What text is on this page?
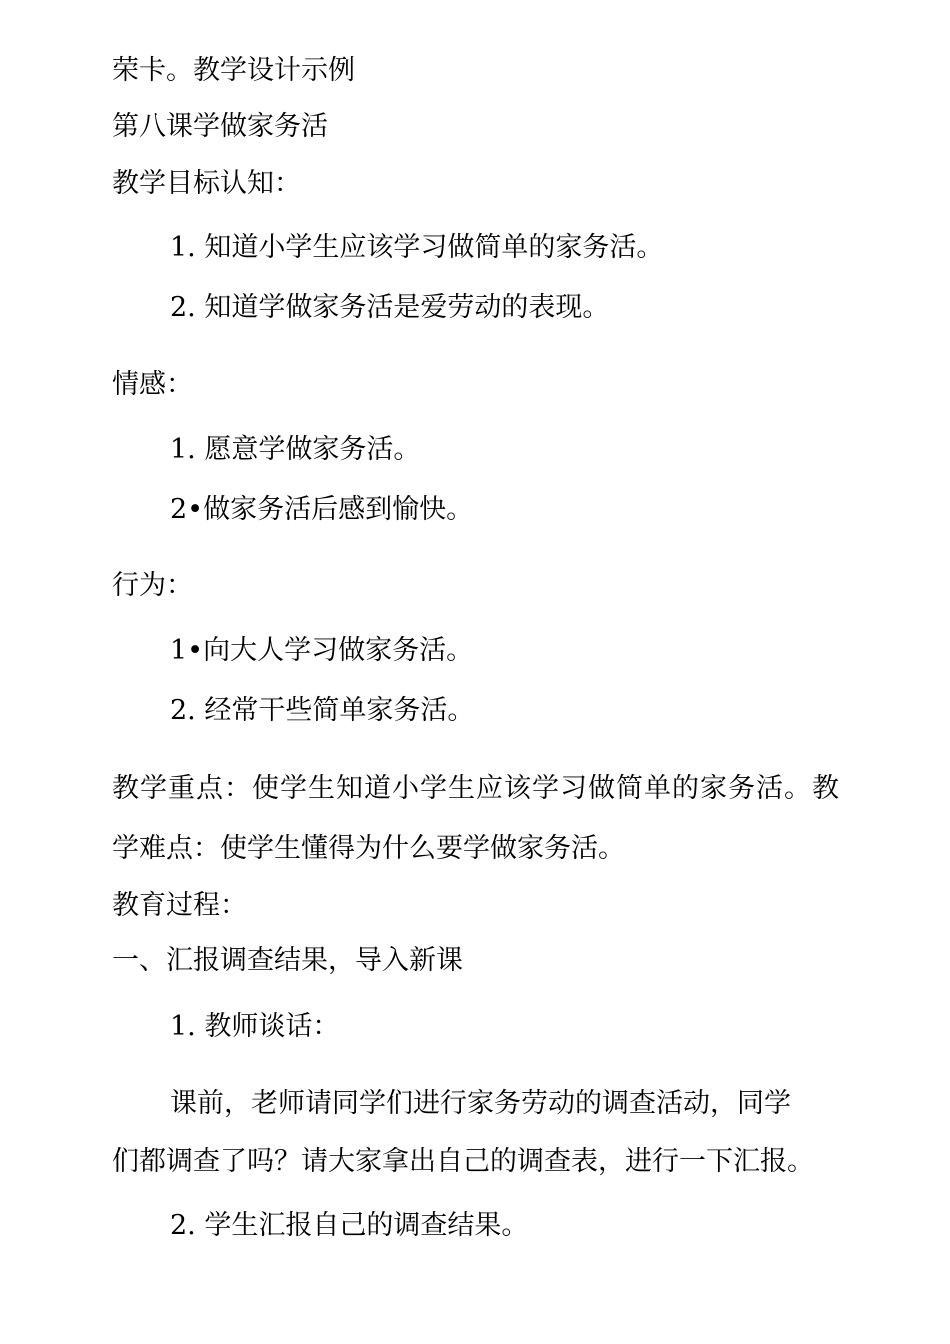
荣卡。教学设计示例
第八课学做家务活
教学目标认知：
1. 知道小学生应该学习做简单的家务活。
2. 知道学做家务活是爱劳动的表现。
情感：
1. 愿意学做家务活。
2•做家务活后感到愉快。
行为：
1•向大人学习做家务活。
2. 经常干些简单家务活。
教学重点：使学生知道小学生应该学习做简单的家务活。教
学难点：使学生懂得为什么要学做家务活。
教育过程：
一、汇报调查结果，导入新课
1. 教师谈话：
课前，老师请同学们进行家务劳动的调查活动，同学
们都调查了吗？请大家拿出自己的调查表，进行一下汇报。
2. 学生汇报自己的调查结果。
